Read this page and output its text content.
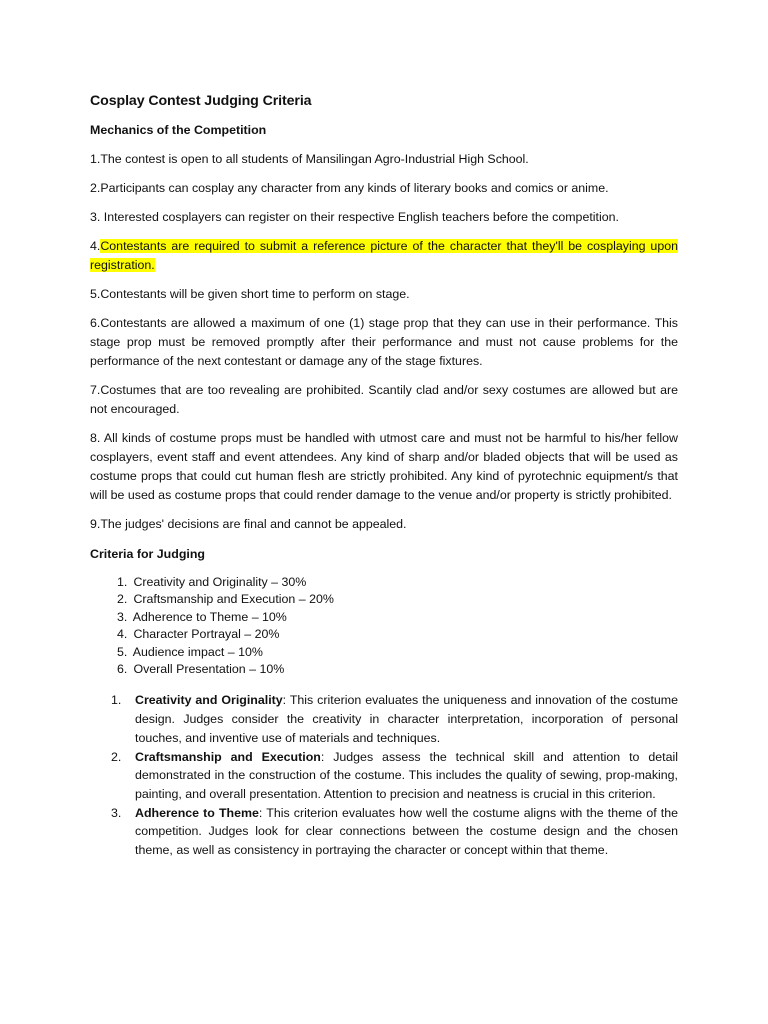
Cosplay Contest Judging Criteria
Mechanics of the Competition
1.The contest is open to all students of Mansilingan Agro-Industrial High School.
2.Participants can cosplay any character from any kinds of literary books and comics or anime.
3. Interested cosplayers can register on their respective English teachers before the competition.
4.Contestants are required to submit a reference picture of the character that they'll be cosplaying upon registration.
5.Contestants will be given short time to perform on stage.
6.Contestants are allowed a maximum of one (1) stage prop that they can use in their performance. This stage prop must be removed promptly after their performance and must not cause problems for the performance of the next contestant or damage any of the stage fixtures.
7.Costumes that are too revealing are prohibited. Scantily clad and/or sexy costumes are allowed but are not encouraged.
8. All kinds of costume props must be handled with utmost care and must not be harmful to his/her fellow cosplayers, event staff and event attendees. Any kind of sharp and/or bladed objects that will be used as costume props that could cut human flesh are strictly prohibited. Any kind of pyrotechnic equipment/s that will be used as costume props that could render damage to the venue and/or property is strictly prohibited.
9.The judges' decisions are final and cannot be appealed.
Criteria for Judging
1. Creativity and Originality – 30%
2. Craftsmanship and Execution – 20%
3. Adherence to Theme – 10%
4. Character Portrayal – 20%
5. Audience impact – 10%
6. Overall Presentation – 10%
1. Creativity and Originality: This criterion evaluates the uniqueness and innovation of the costume design. Judges consider the creativity in character interpretation, incorporation of personal touches, and inventive use of materials and techniques.
2. Craftsmanship and Execution: Judges assess the technical skill and attention to detail demonstrated in the construction of the costume. This includes the quality of sewing, prop-making, painting, and overall presentation. Attention to precision and neatness is crucial in this criterion.
3. Adherence to Theme: This criterion evaluates how well the costume aligns with the theme of the competition. Judges look for clear connections between the costume design and the chosen theme, as well as consistency in portraying the character or concept within that theme.
